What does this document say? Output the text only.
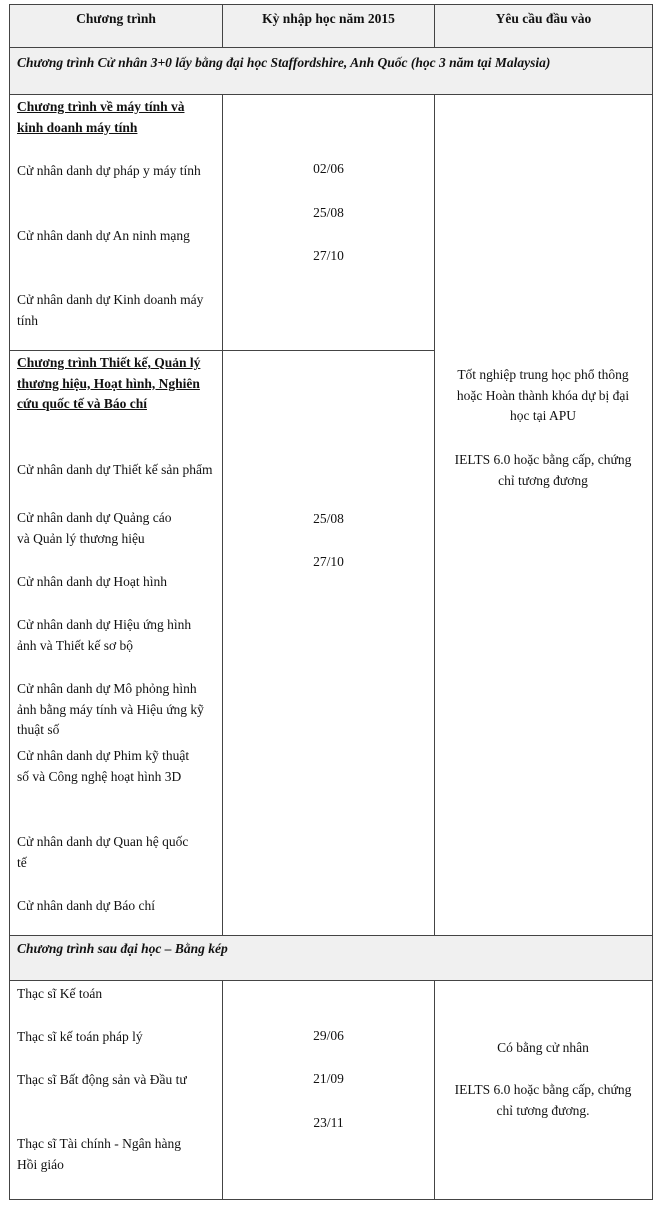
Chương trình	Kỳ nhập học năm 2015	Yêu cầu đầu vào
Chương trình Cử nhân 3+0 lấy bằng đại học Staffordshire, Anh Quốc (học 3 năm tại Malaysia)
Chương trình về máy tính và kinh doanh máy tính
Cử nhân danh dự pháp y máy tính
Cử nhân danh dự An ninh mạng
Cử nhân danh dự Kinh doanh máy tính
02/06
25/08
27/10
Chương trình Thiết kế, Quản lý thương hiệu, Hoạt hình, Nghiên cứu quốc tế và Báo chí
Cử nhân danh dự Thiết kế sản phẩm
Cử nhân danh dự Quảng cáo và Quản lý thương hiệu
Cử nhân danh dự Hoạt hình
Cử nhân danh dự Hiệu ứng hình ảnh và Thiết kế sơ bộ
Cử nhân danh dự Mô phỏng hình ảnh bằng máy tính và Hiệu ứng kỹ thuật số
Cử nhân danh dự Phim kỹ thuật số và Công nghệ hoạt hình 3D
Cử nhân danh dự Quan hệ quốc tế
Cử nhân danh dự Báo chí
25/08
27/10
Tốt nghiệp trung học phổ thông hoặc Hoàn thành khóa dự bị đại học tại APU
IELTS 6.0 hoặc bằng cấp, chứng chỉ tương đương
Chương trình sau đại học – Bằng kép
Thạc sĩ Kế toán
Thạc sĩ kế toán pháp lý
Thạc sĩ Bất động sản và Đầu tư
Thạc sĩ Tài chính - Ngân hàng Hồi giáo
29/06
21/09
23/11
Có bằng cử nhân
IELTS 6.0 hoặc bằng cấp, chứng chỉ tương đương.
